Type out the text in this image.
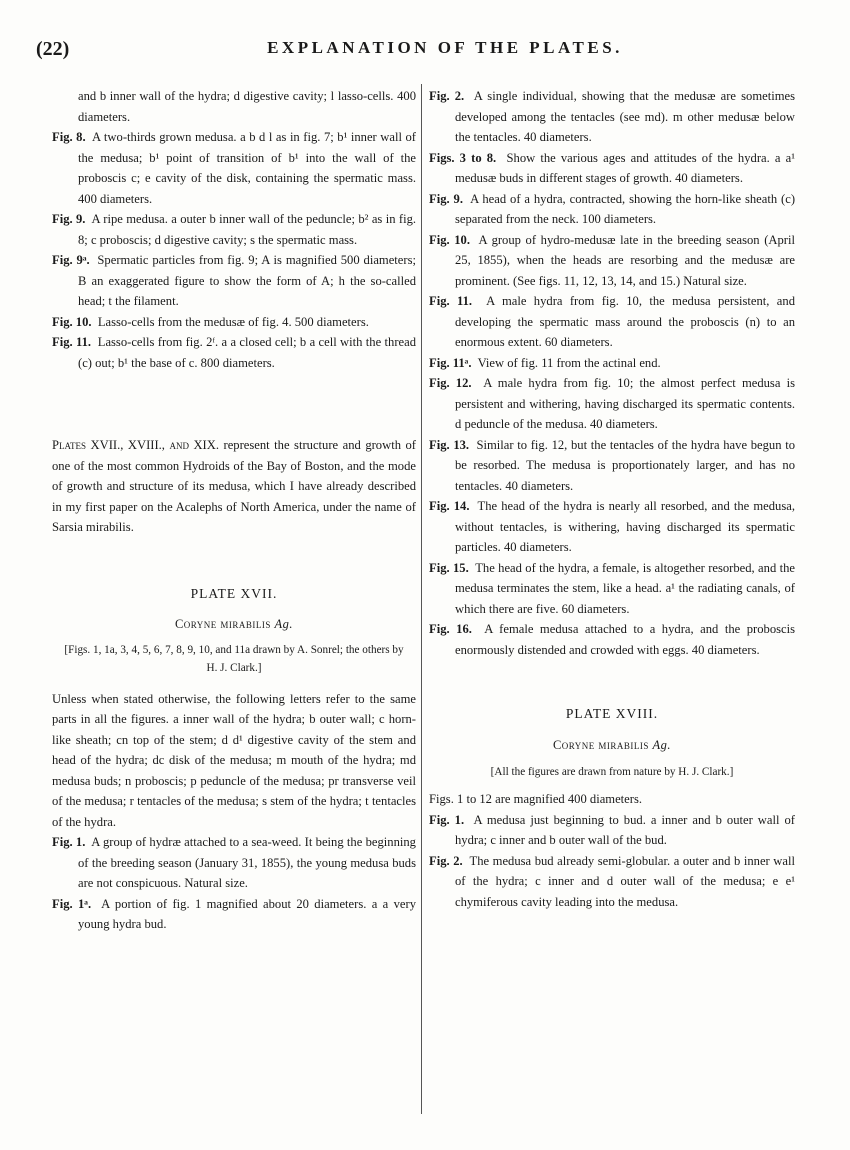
(22)	EXPLANATION OF THE PLATES.

and b inner wall of the hydra; d digestive cavity; l lasso-cells. 400 diameters.

Fig. 8. A two-thirds grown medusa. a b d l as in fig. 7; b¹ inner wall of the medusa; b¹ point of transition of b¹ into the wall of the proboscis c; e cavity of the disk, containing the spermatic mass. 400 diameters.

Fig. 9. A ripe medusa. a outer b inner wall of the peduncle; b² as in fig. 8; c proboscis; d digestive cavity; s the spermatic mass.

Fig. 9ᵃ. Spermatic particles from fig. 9; A is magnified 500 diameters; B an exaggerated figure to show the form of A; h the so-called head; t the filament.

Fig. 10. Lasso-cells from the medusæ of fig. 4. 500 diameters.

Fig. 11. Lasso-cells from fig. 2ᶠ. a a closed cell; b a cell with the thread (c) out; b¹ the base of c. 800 diameters.

Plates XVII., XVIII., and XIX. represent the structure and growth of one of the most common Hydroids of the Bay of Boston, and the mode of growth and structure of its medusa, which I have already described in my first paper on the Acalephs of North America, under the name of Sarsia mirabilis.

PLATE XVII.

Coryne mirabilis Ag.

[Figs. 1, 1a, 3, 4, 5, 6, 7, 8, 9, 10, and 11a drawn by A. Sonrel; the others by H. J. Clark.]

Unless when stated otherwise, the following letters refer to the same parts in all the figures. a inner wall of the hydra; b outer wall; c horn-like sheath; cn top of the stem; d d¹ digestive cavity of the stem and head of the hydra; dc disk of the medusa; m mouth of the hydra; md medusa buds; n proboscis; p peduncle of the medusa; pr transverse veil of the medusa; r tentacles of the medusa; s stem of the hydra; t tentacles of the hydra.

Fig. 1. A group of hydræ attached to a sea-weed. It being the beginning of the breeding season (January 31, 1855), the young medusa buds are not conspicuous. Natural size.

Fig. 1ᵃ. A portion of fig. 1 magnified about 20 diameters. a a very young hydra bud.

Fig. 2. A single individual, showing that the medusæ are sometimes developed among the tentacles (see md). m other medusæ below the tentacles. 40 diameters.

Figs. 3 to 8. Show the various ages and attitudes of the hydra. a a¹ medusæ buds in different stages of growth. 40 diameters.

Fig. 9. A head of a hydra, contracted, showing the horn-like sheath (c) separated from the neck. 100 diameters.

Fig. 10. A group of hydro-medusæ late in the breeding season (April 25, 1855), when the heads are resorbing and the medusæ are prominent. (See figs. 11, 12, 13, 14, and 15.) Natural size.

Fig. 11. A male hydra from fig. 10, the medusa persistent, and developing the spermatic mass around the proboscis (n) to an enormous extent. 60 diameters.

Fig. 11ᵃ. View of fig. 11 from the actinal end.

Fig. 12. A male hydra from fig. 10; the almost perfect medusa is persistent and withering, having discharged its spermatic contents. d peduncle of the medusa. 40 diameters.

Fig. 13. Similar to fig. 12, but the tentacles of the hydra have begun to be resorbed. The medusa is proportionately larger, and has no tentacles. 40 diameters.

Fig. 14. The head of the hydra is nearly all resorbed, and the medusa, without tentacles, is withering, having discharged its spermatic particles. 40 diameters.

Fig. 15. The head of the hydra, a female, is altogether resorbed, and the medusa terminates the stem, like a head. a¹ the radiating canals, of which there are five. 60 diameters.

Fig. 16. A female medusa attached to a hydra, and the proboscis enormously distended and crowded with eggs. 40 diameters.

PLATE XVIII.

Coryne mirabilis Ag.

[All the figures are drawn from nature by H. J. Clark.]

Figs. 1 to 12 are magnified 400 diameters.

Fig. 1. A medusa just beginning to bud. a inner and b outer wall of hydra; c inner and b outer wall of the bud.

Fig. 2. The medusa bud already semi-globular. a outer and b inner wall of the hydra; c inner and d outer wall of the medusa; e e¹ chymiferous cavity leading into the medusa.
